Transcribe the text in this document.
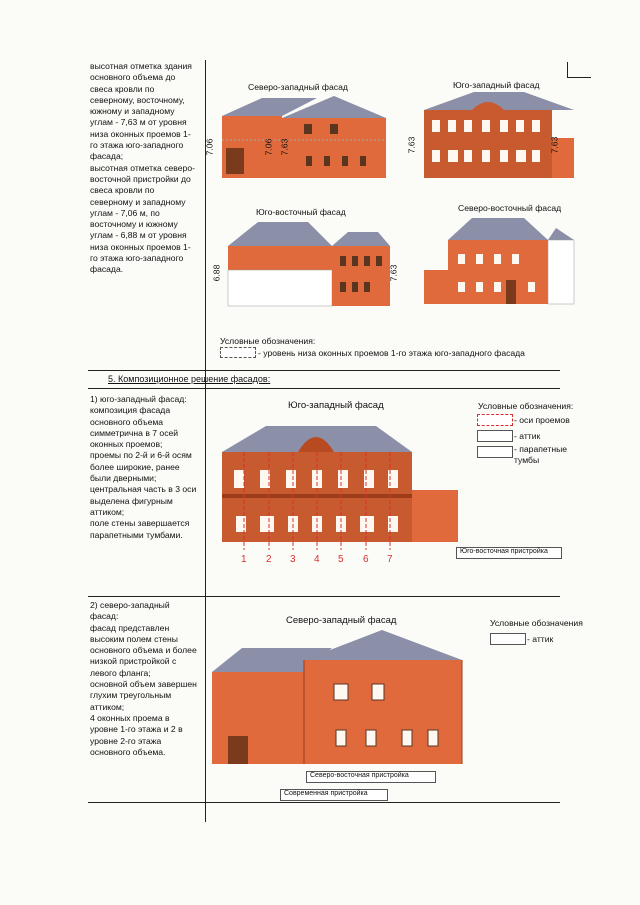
высотная отметка здания
основного объема до
свеса кровли по
северному, восточному,
южному и западному
углам - 7,63 м от уровня
низа оконных проемов 1-
го этажа юго-западного
фасада;
высотная отметка северо-
восточной пристройки до
свеса кровли по
северному и западному
углам - 7,06 м, по
восточному и южному
углам - 6,88 м от уровня
низа оконных проемов 1-
го этажа юго-западного
фасада.
Северо-западный фасад
7.06	7.06 7.63
Юго-западный фасад
7.63	7.63
Юго-восточный фасад
6.88	7.63
Северо-восточный фасад
Условные обозначения:
- уровень низа оконных проемов 1-го этажа юго-западного фасада
5. Композиционное решение фасадов:
1) юго-западный фасад:
композиция фасада
основного объема
симметрична в 7 осей
оконных проемов;
проемы по 2-й и 6-й осям
более широкие, ранее
были дверными;
центральная часть в 3 оси
выделена фигурным
аттиком;
поле стены завершается
парапетными тумбами.
Юго-западный фасад
1 2 3 4 5 6 7
Юго-восточная пристройка
Условные обозначения:
- оси проемов
- аттик
- парапетные
тумбы
2) северо-западный
фасад:
фасад представлен
высоким полем стены
основного объема и более
низкой пристройкой с
левого фланга;
основной объем завершен
глухим треугольным
аттиком;
4 оконных проема в
уровне 1-го этажа и 2 в
уровне 2-го этажа
основного объема.
Северо-западный фасад
Северо-восточная пристройка
Современная пристройка
Условные обозначения
- аттик
